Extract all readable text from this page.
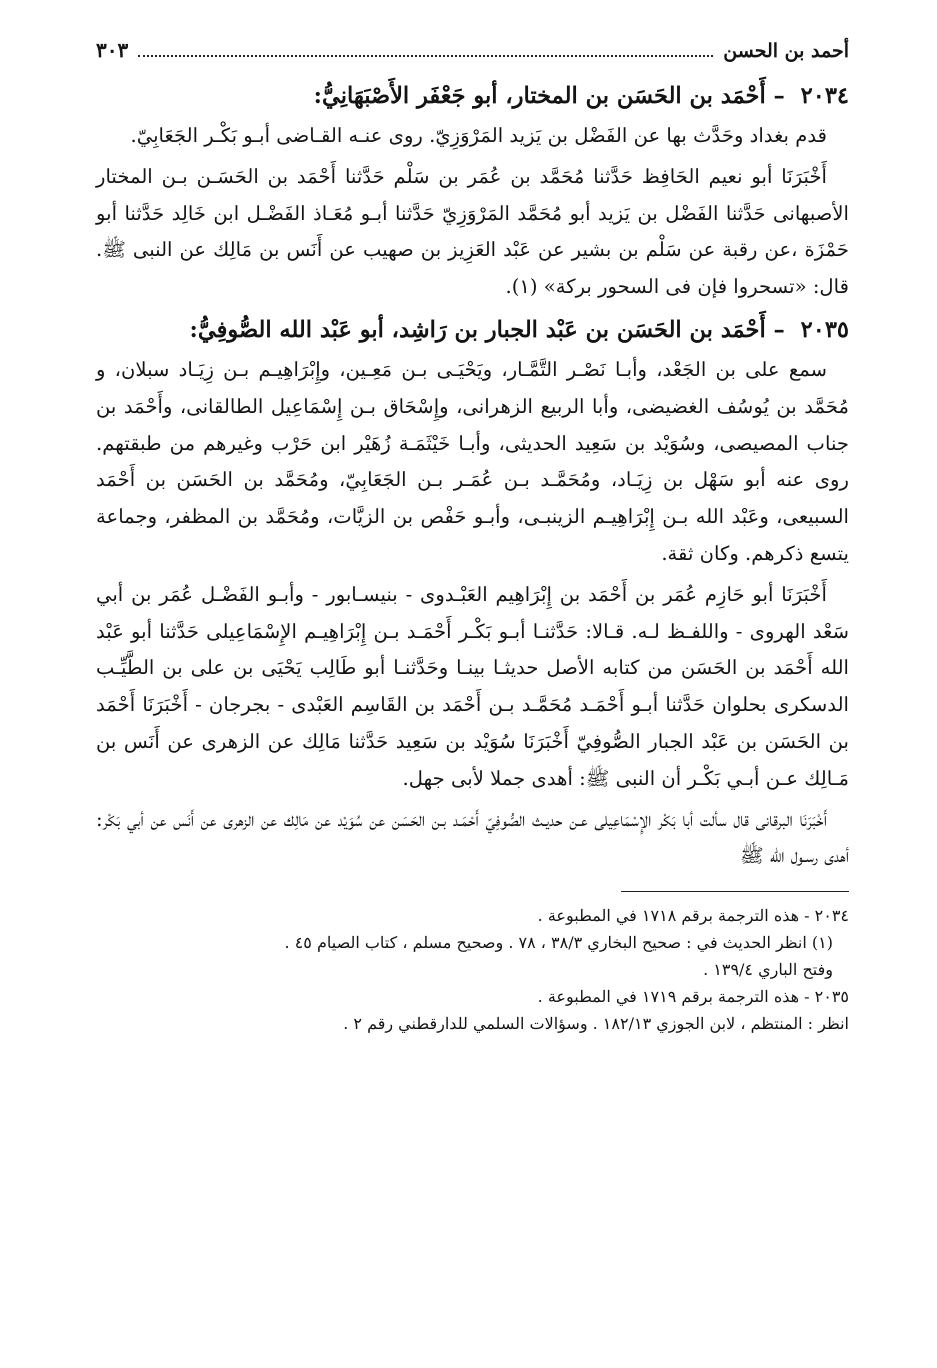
أحمد بن الحسن
٣٠٣
٢٠٣٤ – أَحْمَد بن الحَسَن بن المختار، أبو جَعْفَر الأَصْبَهَانِيُّ:

قدم بغداد وحَدَّث بها عن الفَضْل بن يَزيد المَرْوَزِيّ. روى عنـه القـاضى أبـو بَكْـر الجَعَابِيّ.

أَخْبَرَنَا أبو نعيم الحَافِظ حَدَّثنا مُحَمَّد بن عُمَر بن سَلْم حَدَّثنا أَحْمَد بن الحَسَـن بـن المختار الأصبهانى حَدَّثنا الفَضْل بن يَزيد أبو مُحَمَّد المَرْوَزِيّ حَدَّثنا أبـو مُعَـاذ الفَضْـل ابن خَالِد حَدَّثنا أبو حَمْزَة ،عن رقبة عن سَلْم بن بشير عن عَبْد العَزِيز بن صهيب عن أَنَس بن مَالِك عن النبى ﷺ. قال: «تسحروا فإن فى السحور بركة» (١).

٢٠٣٥ – أَحْمَد بن الحَسَن بن عَبْد الجبار بن رَاشِد، أبو عَبْد الله الصُّوفِيُّ:

سمع على بن الجَعْد، وأبـا نَصْـر التَّمَّـار، ويَحْيَـى بـن مَعِـين، وإِبْرَاهِيـم بـن زِيَـاد سبلان، و مُحَمَّد بن يُوسُف الغضيضى، وأبا الربيع الزهرانى، وإِسْحَاق بـن إِسْمَاعِيل الطالقانى، وأَحْمَد بن جناب المصيصى، وسُوَيْد بن سَعِيد الحديثى، وأبـا خَيْثَمَـة زُهَيْر ابن حَرْب وغيرهم من طبقتهم. روى عنه أبو سَهْل بن زِيَـاد، ومُحَمَّـد بـن عُمَـر بـن الجَعَابِيّ، ومُحَمَّد بن الحَسَن بن أَحْمَد السبيعى، وعَبْد الله بـن إِبْرَاهِيـم الزينبـى، وأبـو حَفْص بن الزيَّات، ومُحَمَّد بن المظفر، وجماعة يتسع ذكرهم. وكان ثقة.

أَخْبَرَنَا أبو حَازِم عُمَر بن أَحْمَد بن إِبْرَاهِيم العَبْـدوى - بنيسـابور - وأبـو الفَضْـل عُمَر بن أبي سَعْد الهروى - واللفـظ لـه. قـالا: حَدَّثنـا أبـو بَكْـر أَحْمَـد بـن إِبْرَاهِيـم الإِسْمَاعِيلى حَدَّثنا أبو عَبْد الله أَحْمَد بن الحَسَن من كتابه الأصل حديثـا بينـا وحَدَّثنـا أبو طَالِب يَحْيَى بن على بن الطَّيِّـب الدسكرى بحلوان حَدَّثنا أبـو أَحْمَـد مُحَمَّـد بـن أَحْمَد بن القَاسِم العَبْدى - بجرجان - أَخْبَرَنَا أَحْمَد بن الحَسَن بن عَبْد الجبار الصُّوفِيّ أَخْبَرَنَا سُوَيْد بن سَعِيد حَدَّثنا مَالِك عن الزهرى عن أَنَس بن مَـالِك عـن أبـي بَكْـر أن النبى ﷺ: أهدى جملا لأبى جهل.

أَخْبَرَنَا البرقانى قال سألت أبا بَكْر الإِسْمَاعِيلى عـن حديـث الصُّوفِيّ أَحْمَـد بـن الحَسَن عن سُوَيْد عن مَالِك عن الزهرى عن أَنَس عن أبي بَكْر: أهدى رسـول الله ﷺ

٢٠٣٤ - هذه الترجمة برقم ١٧١٨ في المطبوعة .

(١) انظر الحديث في : صحيح البخاري ٣٨/٣ ، ٧٨ . وصحيح مسلم ، كتاب الصيام ٤٥ .

وفتح الباري ١٣٩/٤ .

٢٠٣٥ - هذه الترجمة برقم ١٧١٩ في المطبوعة .

انظر : المنتظم ، لابن الجوزي ١٨٢/١٣ . وسؤالات السلمي للدارقطني رقم ٢ .
